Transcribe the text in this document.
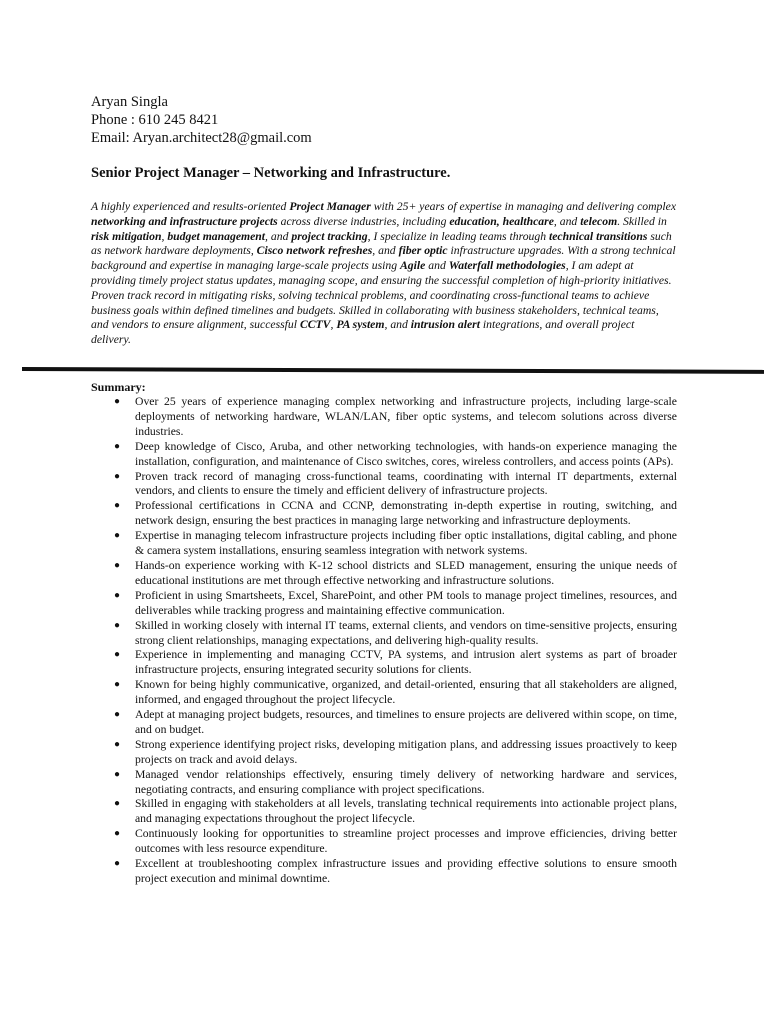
Aryan Singla
Phone : 610 245 8421
Email: Aryan.architect28@gmail.com
Senior Project Manager – Networking and Infrastructure.
A highly experienced and results-oriented Project Manager with 25+ years of expertise in managing and delivering complex networking and infrastructure projects across diverse industries, including education, healthcare, and telecom. Skilled in risk mitigation, budget management, and project tracking, I specialize in leading teams through technical transitions such as network hardware deployments, Cisco network refreshes, and fiber optic infrastructure upgrades. With a strong technical background and expertise in managing large-scale projects using Agile and Waterfall methodologies, I am adept at providing timely project status updates, managing scope, and ensuring the successful completion of high-priority initiatives. Proven track record in mitigating risks, solving technical problems, and coordinating cross-functional teams to achieve business goals within defined timelines and budgets. Skilled in collaborating with business stakeholders, technical teams, and vendors to ensure alignment, successful CCTV, PA system, and intrusion alert integrations, and overall project delivery.
Summary:
● Over 25 years of experience managing complex networking and infrastructure projects, including large-scale deployments of networking hardware, WLAN/LAN, fiber optic systems, and telecom solutions across diverse industries.
● Deep knowledge of Cisco, Aruba, and other networking technologies, with hands-on experience managing the installation, configuration, and maintenance of Cisco switches, cores, wireless controllers, and access points (APs).
● Proven track record of managing cross-functional teams, coordinating with internal IT departments, external vendors, and clients to ensure the timely and efficient delivery of infrastructure projects.
● Professional certifications in CCNA and CCNP, demonstrating in-depth expertise in routing, switching, and network design, ensuring the best practices in managing large networking and infrastructure deployments.
● Expertise in managing telecom infrastructure projects including fiber optic installations, digital cabling, and phone & camera system installations, ensuring seamless integration with network systems.
● Hands-on experience working with K-12 school districts and SLED management, ensuring the unique needs of educational institutions are met through effective networking and infrastructure solutions.
● Proficient in using Smartsheets, Excel, SharePoint, and other PM tools to manage project timelines, resources, and deliverables while tracking progress and maintaining effective communication.
● Skilled in working closely with internal IT teams, external clients, and vendors on time-sensitive projects, ensuring strong client relationships, managing expectations, and delivering high-quality results.
● Experience in implementing and managing CCTV, PA systems, and intrusion alert systems as part of broader infrastructure projects, ensuring integrated security solutions for clients.
● Known for being highly communicative, organized, and detail-oriented, ensuring that all stakeholders are aligned, informed, and engaged throughout the project lifecycle.
● Adept at managing project budgets, resources, and timelines to ensure projects are delivered within scope, on time, and on budget.
● Strong experience identifying project risks, developing mitigation plans, and addressing issues proactively to keep projects on track and avoid delays.
● Managed vendor relationships effectively, ensuring timely delivery of networking hardware and services, negotiating contracts, and ensuring compliance with project specifications.
● Skilled in engaging with stakeholders at all levels, translating technical requirements into actionable project plans, and managing expectations throughout the project lifecycle.
● Continuously looking for opportunities to streamline project processes and improve efficiencies, driving better outcomes with less resource expenditure.
● Excellent at troubleshooting complex infrastructure issues and providing effective solutions to ensure smooth project execution and minimal downtime.
